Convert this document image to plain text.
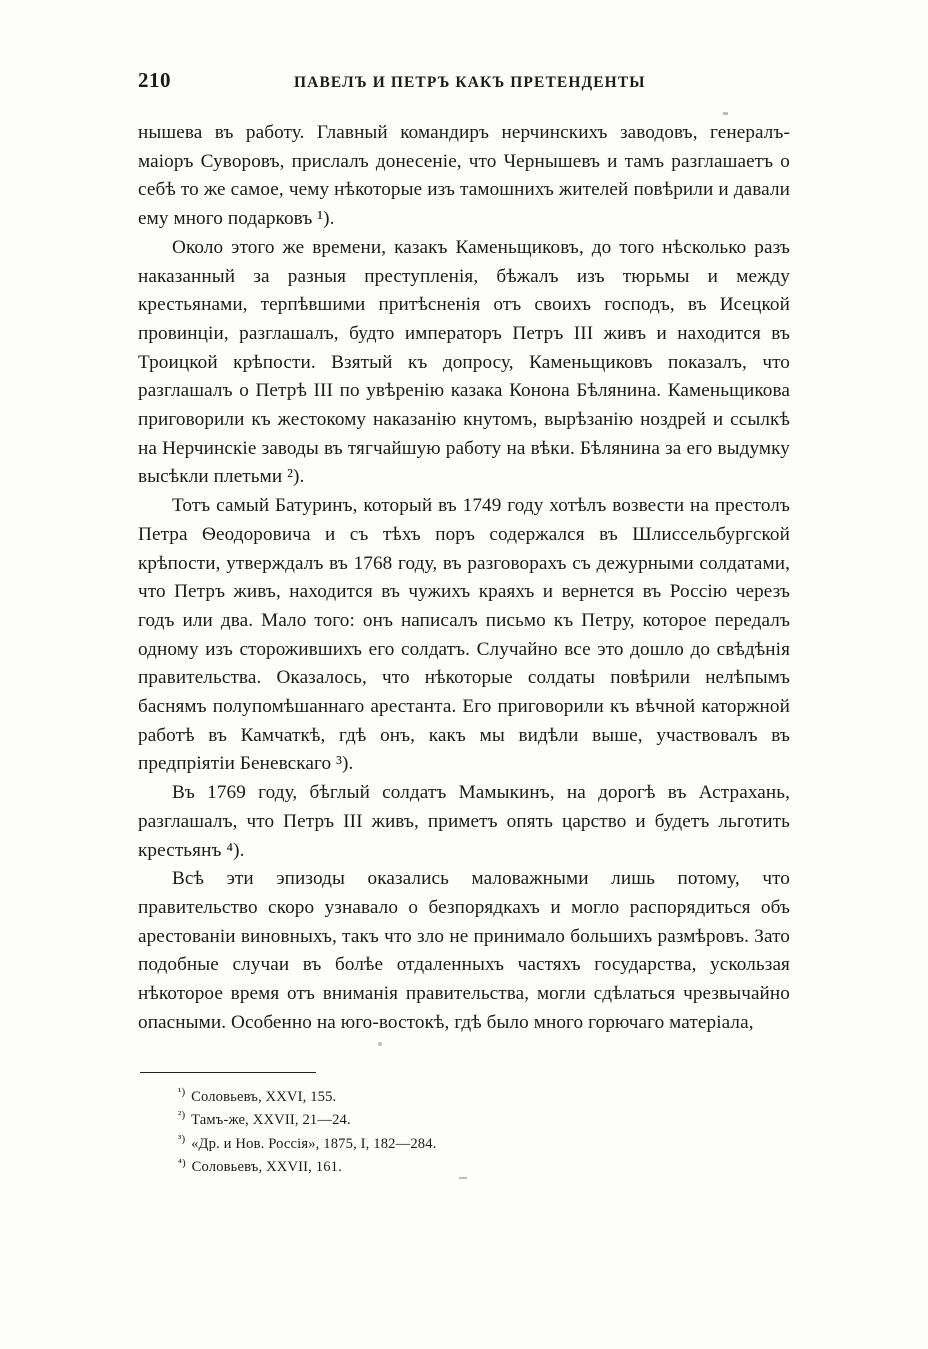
210	ПАВЕЛЪ И ПЕТРЪ КАКЪ ПРЕТЕНДЕНТЫ

нышева въ работу. Главный командиръ нерчинскихъ заводовъ, генералъ-маiоръ Суворовъ, прислалъ донесенiе, что Чернышевъ и тамъ разглашаетъ о себѣ то же самое, чему нѣкоторые изъ тамошнихъ жителей повѣрили и давали ему много подарковъ ¹).

Около этого же времени, казакъ Каменьщиковъ, до того нѣсколько разъ наказанный за разныя преступленiя, бѣжалъ изъ тюрьмы и между крестьянами, терпѣвшими притѣсненiя отъ своихъ господъ, въ Исецкой провинцiи, разглашалъ, будто императоръ Петръ III живъ и находится въ Троицкой крѣпости. Взятый къ допросу, Каменьщиковъ показалъ, что разглашалъ о Петрѣ III по увѣренiю казака Конона Бѣлянина. Каменьщикова приговорили къ жестокому наказанiю кнутомъ, вырѣзанiю ноздрей и ссылкѣ на Нерчинскiе заводы въ тягчайшую работу на вѣки. Бѣлянина за его выдумку высѣкли плетьми ²).

Тотъ самый Батуринъ, который въ 1749 году хотѣлъ возвести на престолъ Петра Ѳеодоровича и съ тѣхъ поръ содержался въ Шлиссельбургской крѣпости, утверждалъ въ 1768 году, въ разговорахъ съ дежурными солдатами, что Петръ живъ, находится въ чужихъ краяхъ и вернется въ Россiю черезъ годъ или два. Мало того: онъ написалъ письмо къ Петру, которое передалъ одному изъ сторожившихъ его солдатъ. Случайно все это дошло до свѣдѣнiя правительства. Оказалось, что нѣкоторые солдаты повѣрили нелѣпымъ баснямъ полупомѣшаннаго арестанта. Его приговорили къ вѣчной каторжной работѣ въ Камчаткѣ, гдѣ онъ, какъ мы видѣли выше, участвовалъ въ предпрiятiи Беневскаго ³).

Въ 1769 году, бѣглый солдатъ Мамыкинъ, на дорогѣ въ Астрахань, разглашалъ, что Петръ III живъ, приметъ опять царство и будетъ льготить крестьянъ ⁴).

Всѣ эти эпизоды оказались маловажными лишь потому, что правительство скоро узнавало о безпорядкахъ и могло распорядиться объ арестованiи виновныхъ, такъ что зло не принимало большихъ размѣровъ. Зато подобные случаи въ болѣе отдаленныхъ частяхъ государства, ускользая нѣкоторое время отъ вниманiя правительства, могли сдѣлаться чрезвычайно опасными. Особенно на юго-востокѣ, гдѣ было много горючаго матерiала,

$^{^1)}$ Соловьевъ, XXVI, 155.
$^{^2)}$ Тамъ-же, XXVII, 21—24.
$^{^3)}$ «Др. и Нов. Россiя», 1875, I, 182—284.
$^{^4)}$ Соловьевъ, XXVII, 161.
